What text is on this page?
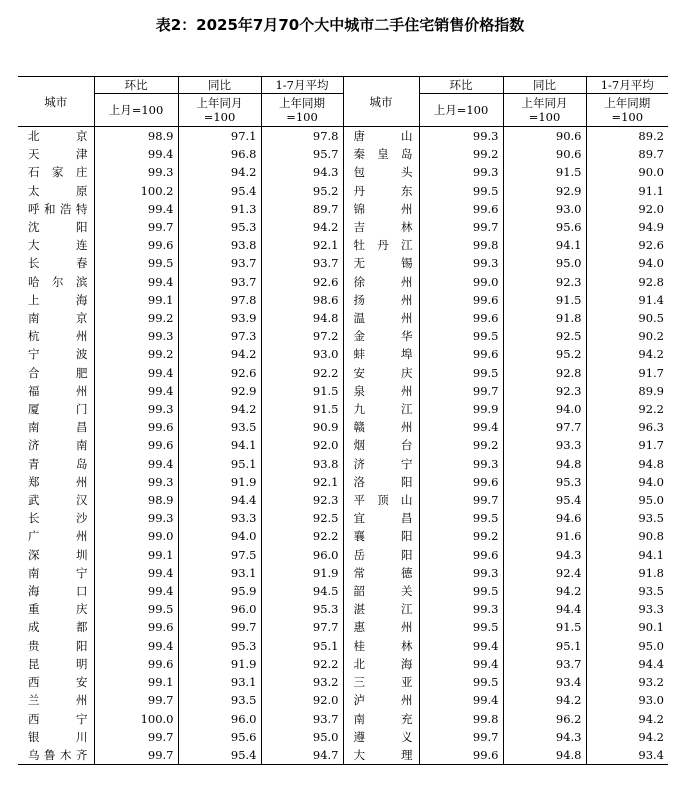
表2：2025年7月70个大中城市二手住宅销售价格指数
城市	环比	同比	1-7月平均	城市	环比	同比	1-7月平均
	上月=100	上年同月=100	上年同期=100		上月=100	上年同月=100	上年同期=100
北京	98.9	97.1	97.8	唐山	99.3	90.6	89.2
天津	99.4	96.8	95.7	秦皇岛	99.2	90.6	89.7
石家庄	99.3	94.2	94.3	包头	99.3	91.5	90.0
太原	100.2	95.4	95.2	丹东	99.5	92.9	91.1
呼和浩特	99.4	91.3	89.7	锦州	99.6	93.0	92.0
沈阳	99.7	95.3	94.2	吉林	99.7	95.6	94.9
大连	99.6	93.8	92.1	牡丹江	99.8	94.1	92.6
长春	99.5	93.7	93.7	无锡	99.3	95.0	94.0
哈尔滨	99.4	93.7	92.6	徐州	99.0	92.3	92.8
上海	99.1	97.8	98.6	扬州	99.6	91.5	91.4
南京	99.2	93.9	94.8	温州	99.6	91.8	90.5
杭州	99.3	97.3	97.2	金华	99.5	92.5	90.2
宁波	99.2	94.2	93.0	蚌埠	99.6	95.2	94.2
合肥	99.4	92.6	92.2	安庆	99.5	92.8	91.7
福州	99.4	92.9	91.5	泉州	99.7	92.3	89.9
厦门	99.3	94.2	91.5	九江	99.9	94.0	92.2
南昌	99.6	93.5	90.9	赣州	99.4	97.7	96.3
济南	99.6	94.1	92.0	烟台	99.2	93.3	91.7
青岛	99.4	95.1	93.8	济宁	99.3	94.8	94.8
郑州	99.3	91.9	92.1	洛阳	99.6	95.3	94.0
武汉	98.9	94.4	92.3	平顶山	99.7	95.4	95.0
长沙	99.3	93.3	92.5	宜昌	99.5	94.6	93.5
广州	99.0	94.0	92.2	襄阳	99.2	91.6	90.8
深圳	99.1	97.5	96.0	岳阳	99.6	94.3	94.1
南宁	99.4	93.1	91.9	常德	99.3	92.4	91.8
海口	99.4	95.9	94.5	韶关	99.5	94.2	93.5
重庆	99.5	96.0	95.3	湛江	99.3	94.4	93.3
成都	99.6	99.7	97.7	惠州	99.5	91.5	90.1
贵阳	99.4	95.3	95.1	桂林	99.4	95.1	95.0
昆明	99.6	91.9	92.2	北海	99.4	93.7	94.4
西安	99.1	93.1	93.2	三亚	99.5	93.4	93.2
兰州	99.7	93.5	92.0	泸州	99.4	94.2	93.0
西宁	100.0	96.0	93.7	南充	99.8	96.2	94.2
银川	99.7	95.6	95.0	遵义	99.7	94.3	94.2
乌鲁木齐	99.7	95.4	94.7	大理	99.6	94.8	93.4
